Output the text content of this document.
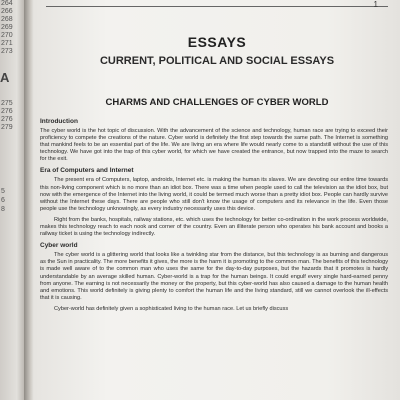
264
266
268
269
270
271
273
A
275
276
276
279
5
6
8
1
ESSAYS
CURRENT, POLITICAL AND SOCIAL ESSAYS
CHARMS AND CHALLENGES OF CYBER WORLD
Introduction

The cyber world is the hot topic of discussion. With the advancement of the science and technology, human race are trying to exceed their proficiency to compete the creations of the nature. Cyber world is definitely the first step towards the same path. The Internet is something that mankind feels to be an essential part of the life. We are living an era where life would nearly come to a standstill without the use of this technology. We have got into the trap of this cyber world, for which we have created the entrance, but now trapped into the maze to search for the exit.

Era of Computers and Internet

The present era of Computers, laptop, androids, Internet etc. is making the human its slaves. We are devoting our entire time towards this non-living component which is no more than an idiot box. There was a time when people used to call the television as the idiot box, but now with the emergence of the Internet into the living world, it could be termed much worse than a pretty idiot box. People can hardly survive without the Internet these days. There are people who still don't know the usage of computers and its relevance in the life. Even those people use the technology unknowingly, as every industry necessarily uses this device.

Right from the banks, hospitals, railway stations, etc. which uses the technology for better co-ordination in the work process worldwide, makes this technology reach to each nook and corner of the country. Even an illiterate person who operates his bank account and books a railway ticket is using the technology indirectly.

Cyber world

The cyber world is a glittering world that looks like a twinkling star from the distance, but this technology is as burning and dangerous as the Sun in practicality. The more benefits it gives, the more is the harm it is promoting to the common man. The benefits of this technology is made well aware of to the common man who uses the same for the day-to-day purposes, but the hazards that it promotes is hardly understandable by an average skilled human. Cyber-world is a trap for the human beings. It could engulf every single hard-earned penny from anyone. The earning is not necessarily the money or the property, but this cyber-world has also caused a damage to the human health and emotions. This world definitely is giving plenty to comfort the human life and the living standard, still we cannot overlook the ill-effects that it is causing.

Cyber-world has definitely given a sophisticated living to the human race. Let us briefly discuss
